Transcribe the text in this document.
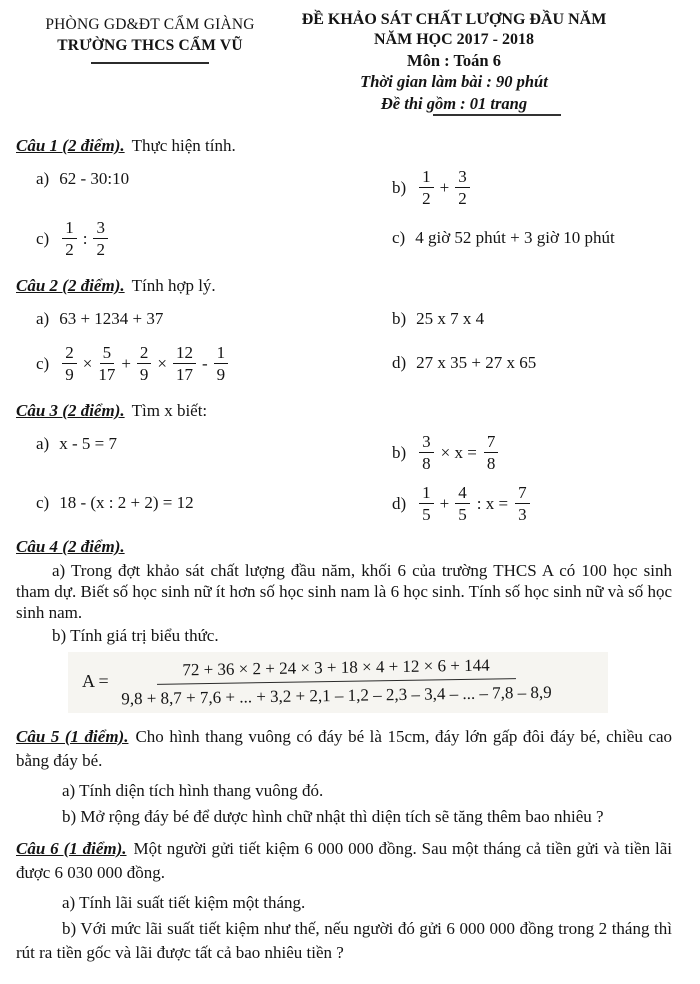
PHÒNG GD&ĐT CẨM GIÀNG
TRƯỜNG THCS CẨM VŨ
ĐỀ KHẢO SÁT CHẤT LƯỢNG ĐẦU NĂM
NĂM HỌC 2017 - 2018
Môn : Toán 6
Thời gian làm bài : 90 phút
Đề thi gồm : 01 trang
Câu 1 (2 điểm). Thực hiện tính.
a) 62 - 30:10	$b) \frac{1}{2} + \frac{3}{2}$
$c) \frac{1}{2}$ : $\frac{3}{2}$	c) 4 giờ 52 phút + 3 giờ 10 phút
Câu 2 (2 điểm). Tính hợp lý.
a) 63 + 1234 + 37	b) 25 x 7 x 4
$c) \frac{2}{9} \times \frac{5}{17} + \frac{2}{9} \times \frac{12}{17} - \frac{1}{9}$	d) 27 x 35 + 27 x 65
Câu 3 (2 điểm). Tìm x biết:
a) x - 5 = 7	$b) \frac{3}{8} \times x = \frac{7}{8}$
c) 18 - (x : 2 + 2) = 12	$d) \frac{1}{5} + \frac{4}{5}$ : $x = \frac{7}{3}$
Câu 4 (2 điểm).

a) Trong đợt khảo sát chất lượng đầu năm, khối 6 của trường THCS A có 100 học sinh tham dự. Biết số học sinh nữ ít hơn số học sinh nam là 6 học sinh. Tính số học sinh nữ và số học sinh nam.

b) Tính giá trị biểu thức.

A =
72 + 36 × 2 + 24 × 3 + 18 × 4 + 12 × 6 + 144
9,8 + 8,7 + 7,6 + ... + 3,2 + 2,1 – 1,2 – 2,3 – 3,4 – ... – 7,8 – 8,9

Câu 5 (1 điểm). Cho hình thang vuông có đáy bé là 15cm, đáy lớn gấp đôi đáy bé, chiều cao bằng đáy bé.

a) Tính diện tích hình thang vuông đó.
b) Mở rộng đáy bé để dược hình chữ nhật thì diện tích sẽ tăng thêm bao nhiêu ?

Câu 6 (1 điểm). Một người gửi tiết kiệm 6 000 000 đồng. Sau một tháng cả tiền gửi và tiền lãi được 6 030 000 đồng.

a) Tính lãi suất tiết kiệm một tháng.

b) Với mức lãi suất tiết kiệm như thế, nếu người đó gửi 6 000 000 đồng trong 2 tháng thì rút ra tiền gốc và lãi được tất cả bao nhiêu tiền ?
